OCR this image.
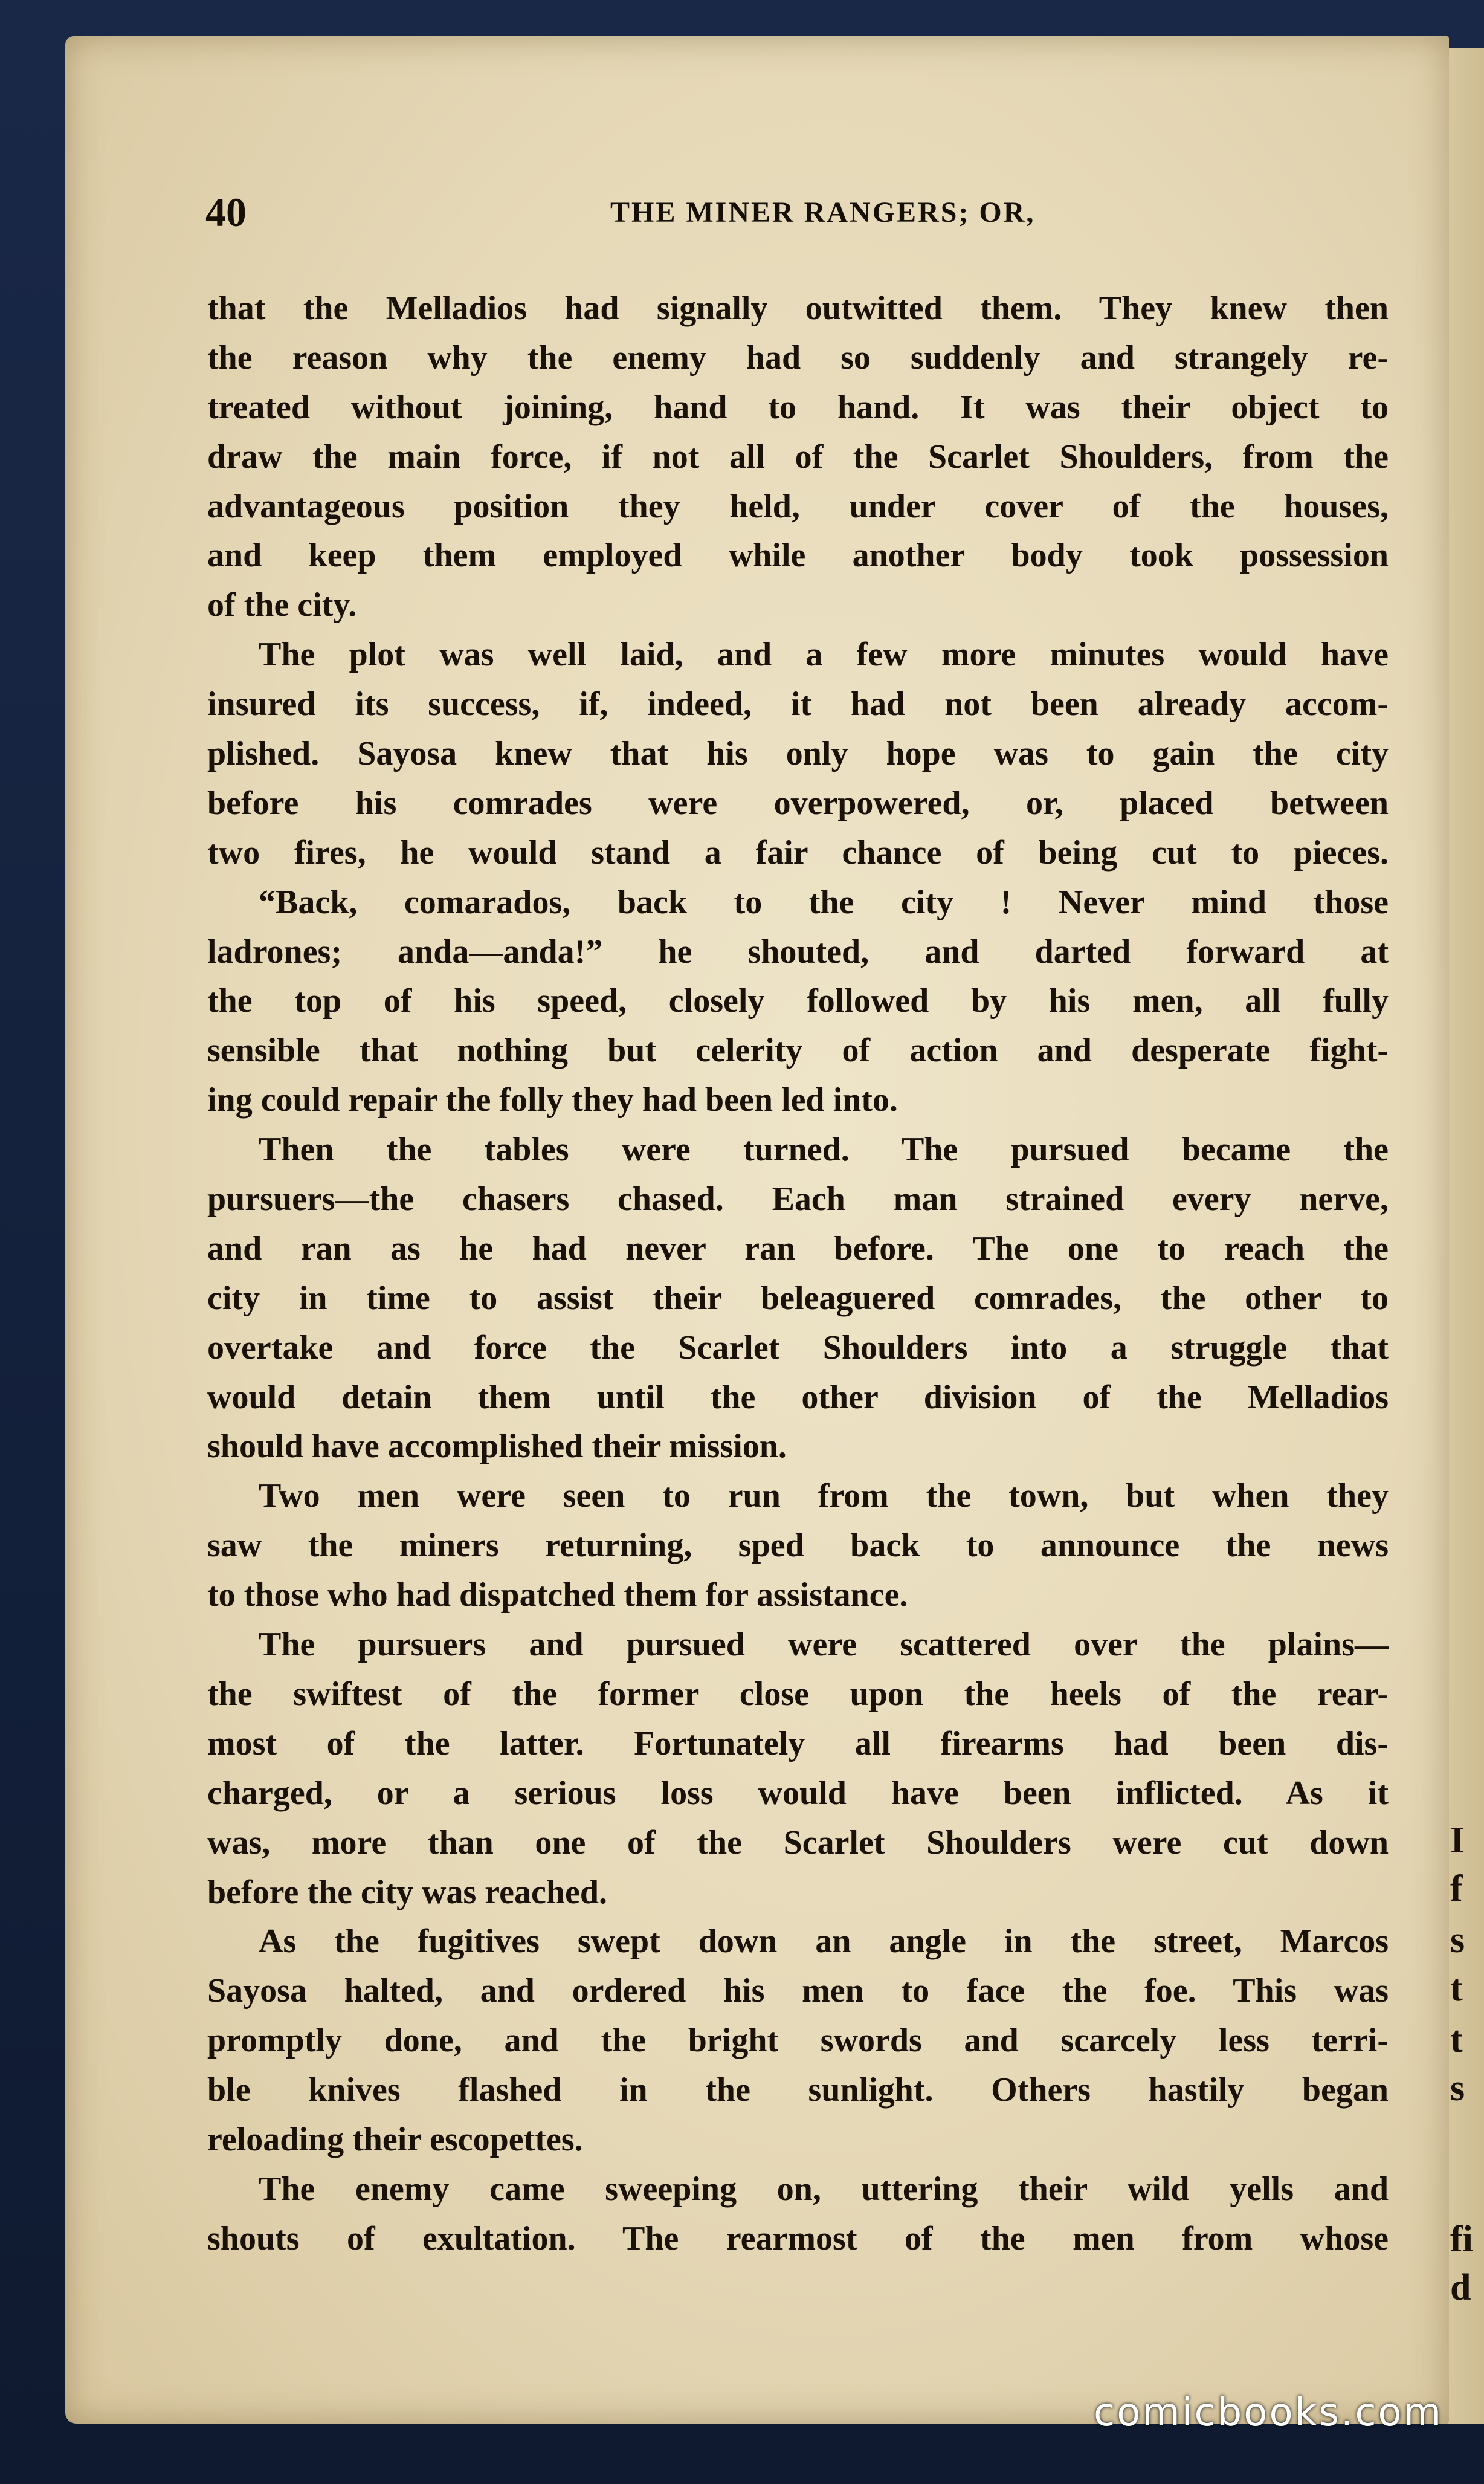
I
f
s
t
t
s
fi
d
40	THE MINER RANGERS; OR,
that the Melladios had signally outwitted them. They knew then
the reason why the enemy had so suddenly and strangely re-
treated without joining, hand to hand. It was their object to
draw the main force, if not all of the Scarlet Shoulders, from the
advantageous position they held, under cover of the houses,
and keep them employed while another body took possession
of the city.
The plot was well laid, and a few more minutes would have
insured its success, if, indeed, it had not been already accom-
plished. Sayosa knew that his only hope was to gain the city
before his comrades were overpowered, or, placed between
two fires, he would stand a fair chance of being cut to pieces.
“Back, comarados, back to the city ! Never mind those
ladrones; anda—anda!” he shouted, and darted forward at
the top of his speed, closely followed by his men, all fully
sensible that nothing but celerity of action and desperate fight-
ing could repair the folly they had been led into.
Then the tables were turned. The pursued became the
pursuers—the chasers chased. Each man strained every nerve,
and ran as he had never ran before. The one to reach the
city in time to assist their beleaguered comrades, the other to
overtake and force the Scarlet Shoulders into a struggle that
would detain them until the other division of the Melladios
should have accomplished their mission.
Two men were seen to run from the town, but when they
saw the miners returning, sped back to announce the news
to those who had dispatched them for assistance.
The pursuers and pursued were scattered over the plains—
the swiftest of the former close upon the heels of the rear-
most of the latter. Fortunately all firearms had been dis-
charged, or a serious loss would have been inflicted. As it
was, more than one of the Scarlet Shoulders were cut down
before the city was reached.
As the fugitives swept down an angle in the street, Marcos
Sayosa halted, and ordered his men to face the foe. This was
promptly done, and the bright swords and scarcely less terri-
ble knives flashed in the sunlight. Others hastily began
reloading their escopettes.
The enemy came sweeping on, uttering their wild yells and
shouts of exultation. The rearmost of the men from whose
comicbooks.com
